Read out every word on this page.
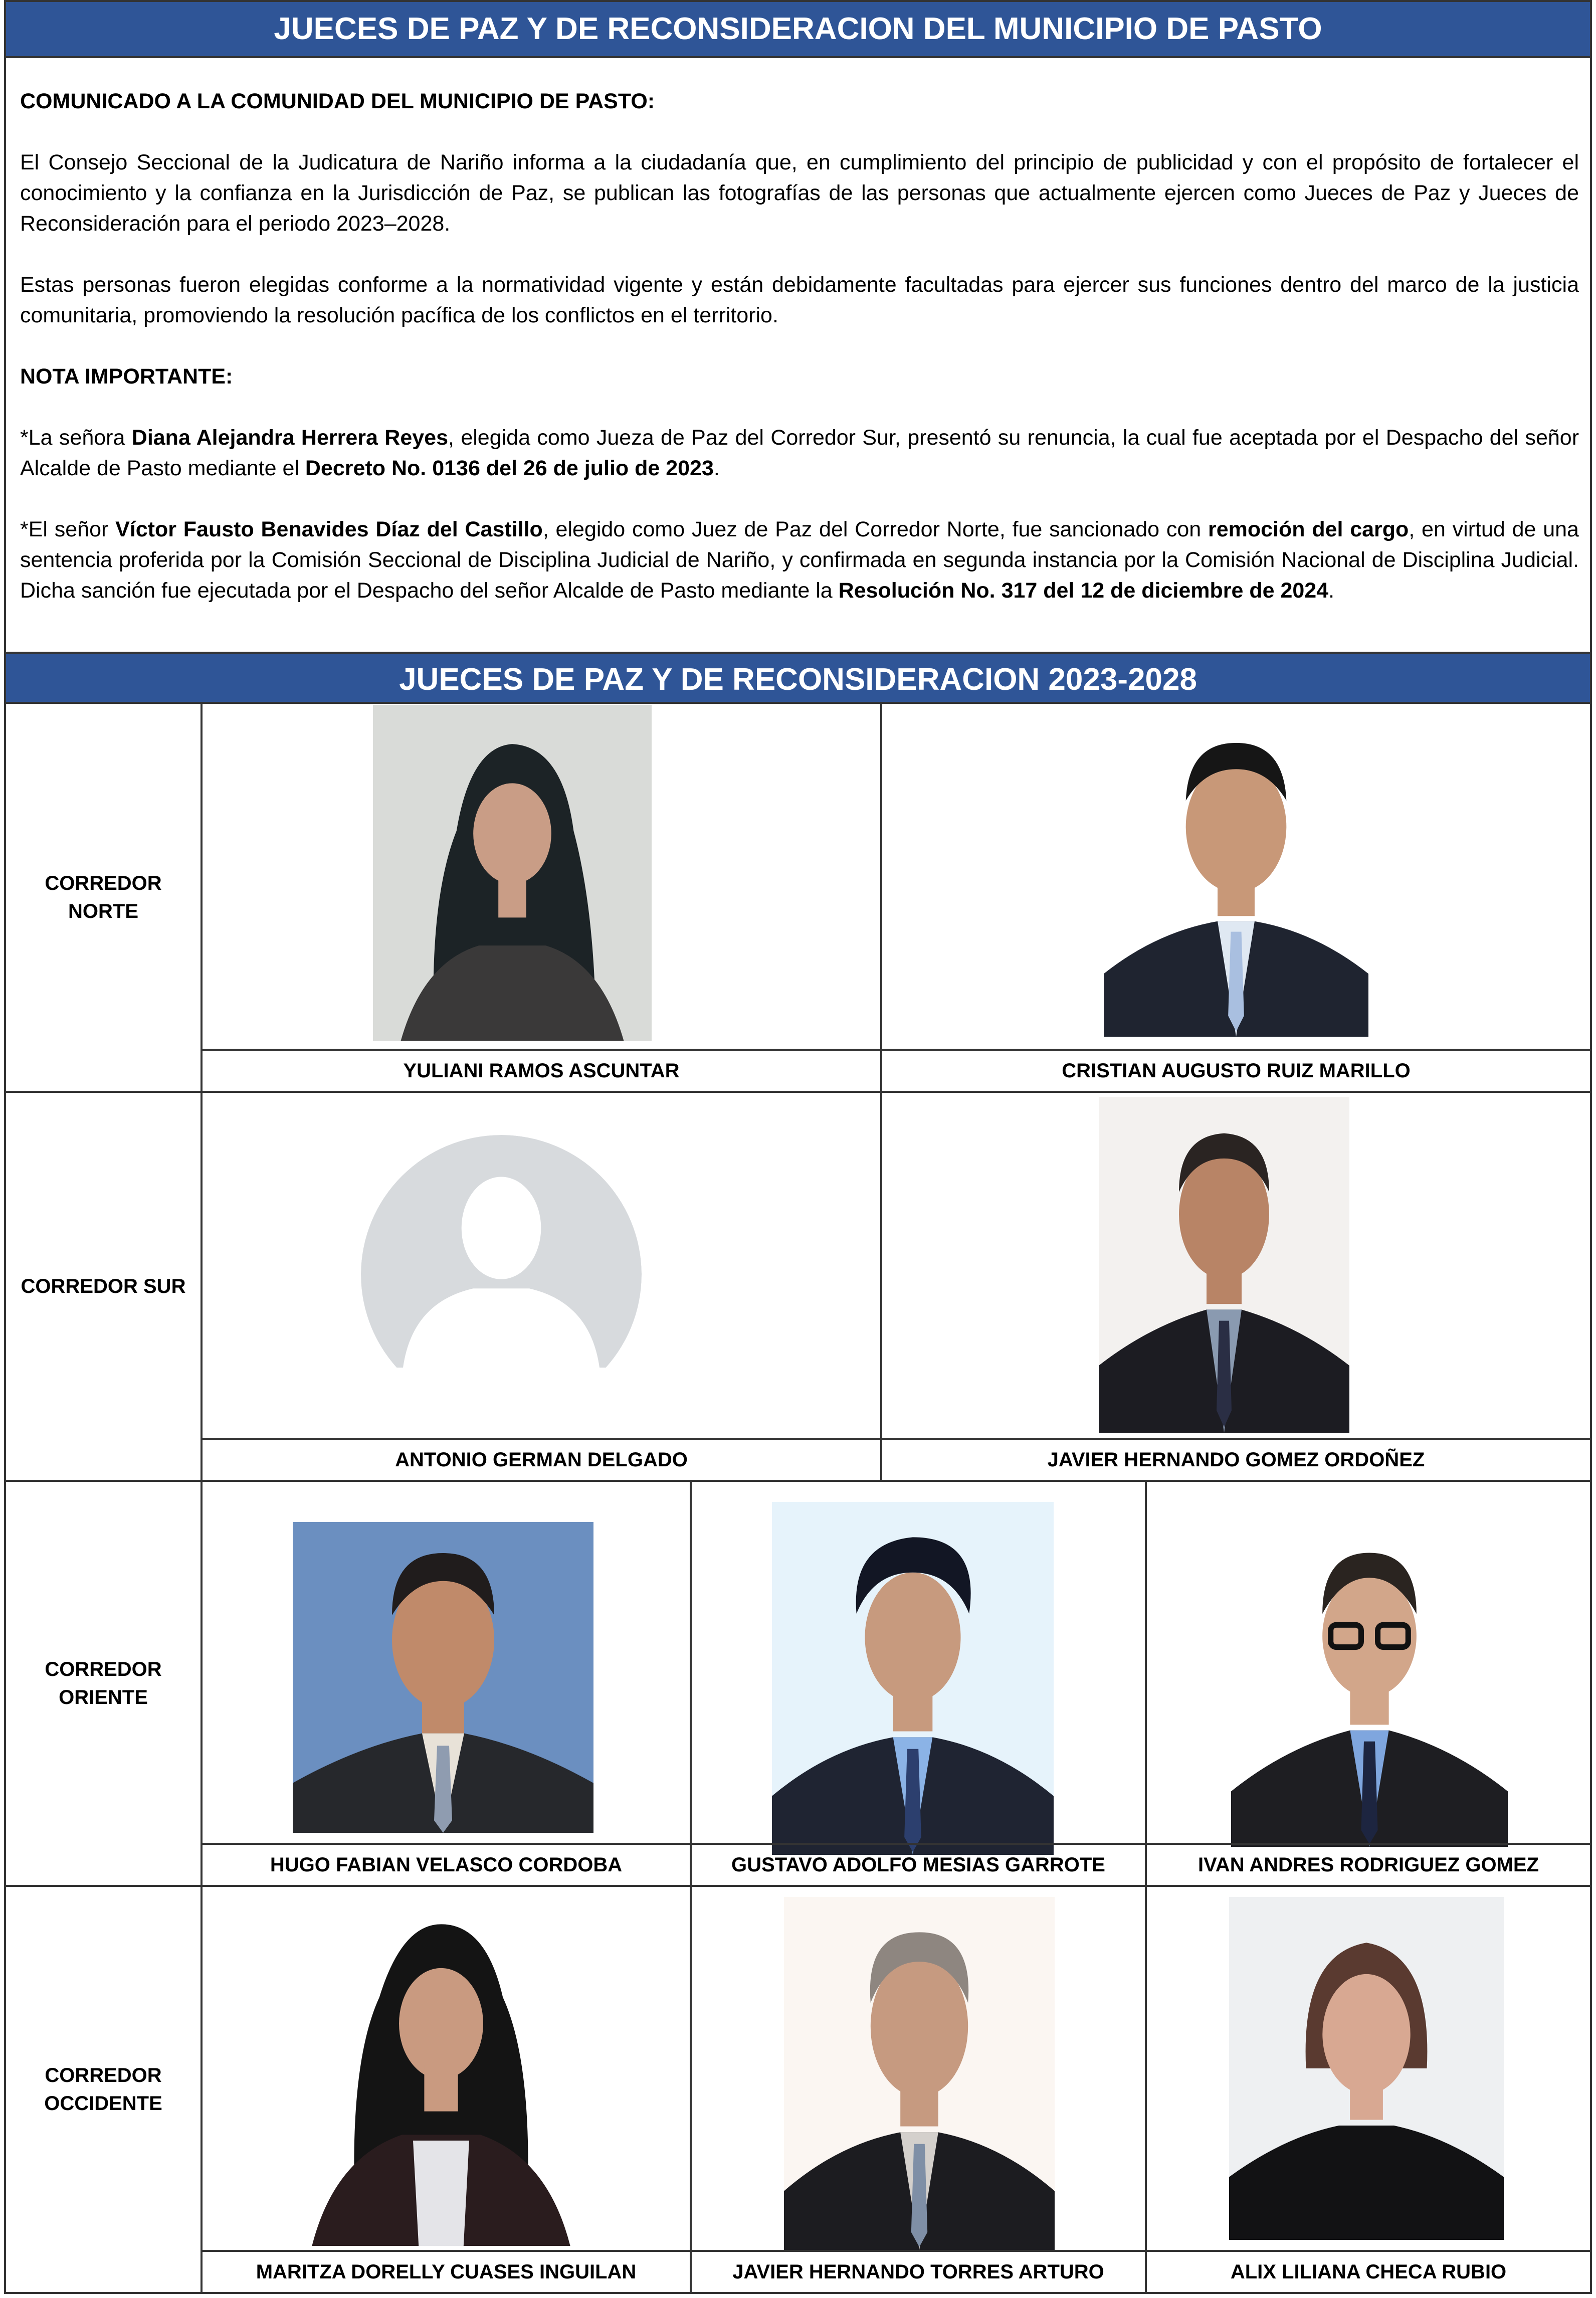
JUECES DE PAZ Y DE RECONSIDERACION DEL MUNICIPIO DE PASTO

COMUNICADO A LA COMUNIDAD DEL MUNICIPIO DE PASTO:

El Consejo Seccional de la Judicatura de Nariño informa a la ciudadanía que, en cumplimiento del principio de publicidad y con el propósito de fortalecer el conocimiento y la confianza en la Jurisdicción de Paz, se publican las fotografías de las personas que actualmente ejercen como Jueces de Paz y Jueces de Reconsideración para el periodo 2023–2028.

Estas personas fueron elegidas conforme a la normatividad vigente y están debidamente facultadas para ejercer sus funciones dentro del marco de la justicia comunitaria, promoviendo la resolución pacífica de los conflictos en el territorio.

NOTA IMPORTANTE:

*La señora Diana Alejandra Herrera Reyes, elegida como Jueza de Paz del Corredor Sur, presentó su renuncia, la cual fue aceptada por el Despacho del señor Alcalde de Pasto mediante el Decreto No. 0136 del 26 de julio de 2023.

*El señor Víctor Fausto Benavides Díaz del Castillo, elegido como Juez de Paz del Corredor Norte, fue sancionado con remoción del cargo, en virtud de una sentencia proferida por la Comisión Seccional de Disciplina Judicial de Nariño, y confirmada en segunda instancia por la Comisión Nacional de Disciplina Judicial. Dicha sanción fue ejecutada por el Despacho del señor Alcalde de Pasto mediante la Resolución No. 317 del 12 de diciembre de 2024.

JUECES DE PAZ Y DE RECONSIDERACION 2023-2028
CORREDOR
NORTE
YULIANI RAMOS ASCUNTAR	CRISTIAN AUGUSTO RUIZ MARILLO
CORREDOR SUR
ANTONIO GERMAN DELGADO	JAVIER HERNANDO GOMEZ ORDOÑEZ
CORREDOR
ORIENTE
HUGO FABIAN VELASCO CORDOBA	GUSTAVO ADOLFO MESIAS GARROTE	IVAN ANDRES RODRIGUEZ GOMEZ
CORREDOR
OCCIDENTE
MARITZA DORELLY CUASES INGUILAN	JAVIER HERNANDO TORRES ARTURO	ALIX LILIANA CHECA RUBIO
